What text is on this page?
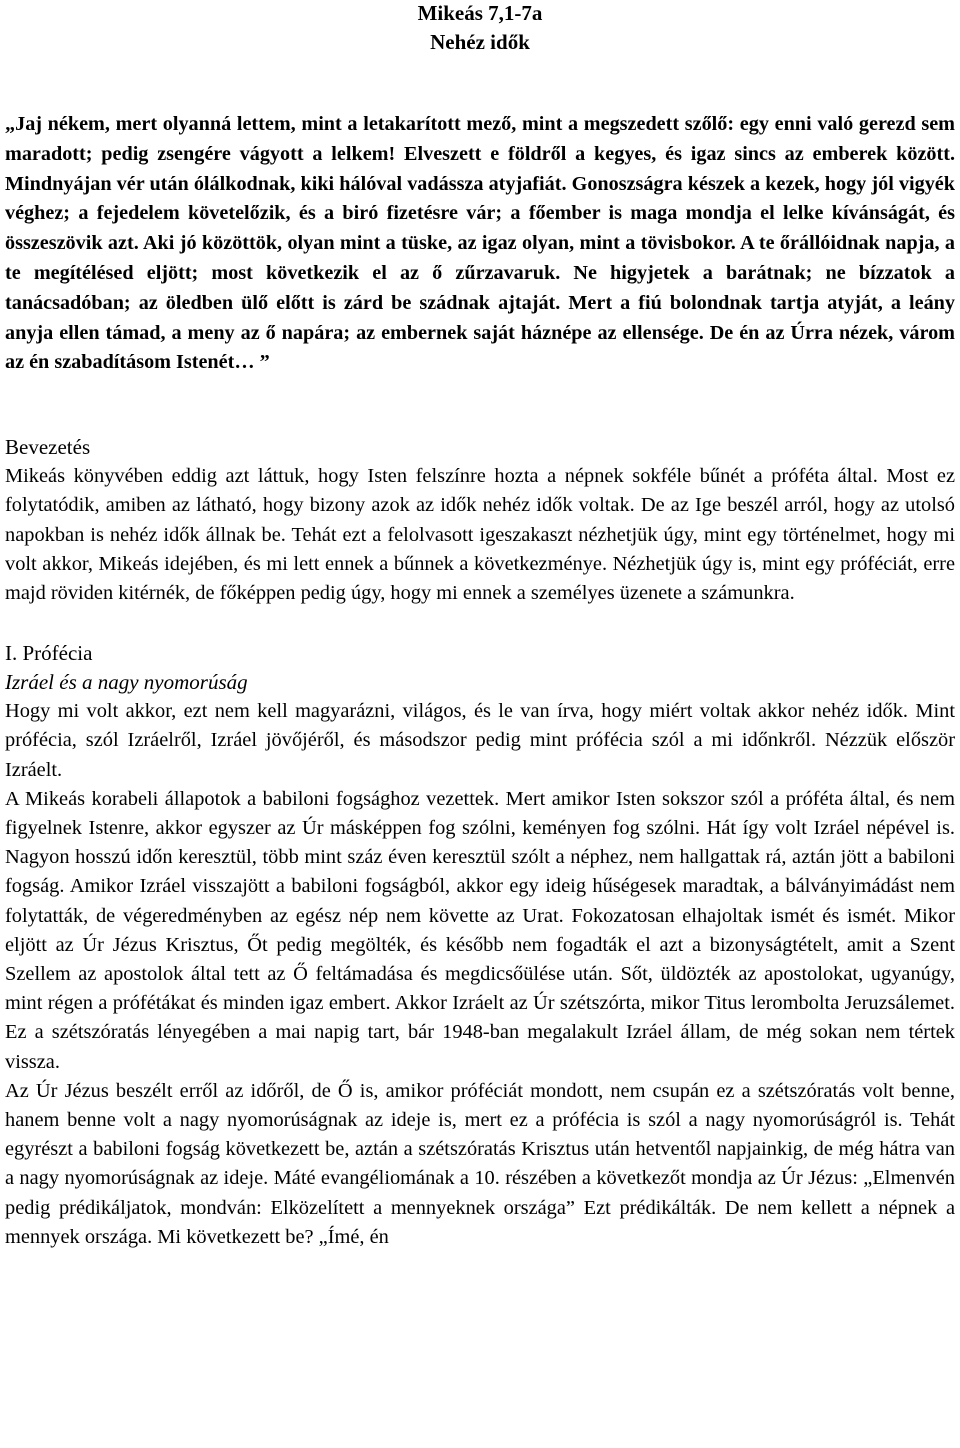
Mikeás 7,1-7a
Nehéz idők

„Jaj nékem, mert olyanná lettem, mint a letakarított mező, mint a megszedett szőlő: egy enni való gerezd sem maradott; pedig zsengére vágyott a lelkem! Elveszett e földről a kegyes, és igaz sincs az emberek között. Mindnyájan vér után ólálkodnak, kiki hálóval vadássza atyjafiát. Gonoszságra készek a kezek, hogy jól vigyék véghez; a fejedelem követelőzik, és a biró fizetésre vár; a főember is maga mondja el lelke kívánságát, és összeszövik azt. Aki jó közöttök, olyan mint a tüske, az igaz olyan, mint a tövisbokor. A te őrállóidnak napja, a te megítélésed eljött; most következik el az ő zűrzavaruk. Ne higyjetek a barátnak; ne bízzatok a tanácsadóban; az öledben ülő előtt is zárd be szádnak ajtaját. Mert a fiú bolondnak tartja atyját, a leány anyja ellen támad, a meny az ő napára; az embernek saját háznépe az ellensége. De én az Úrra nézek, várom az én szabadításom Istenét… ”

Bevezetés

Mikeás könyvében eddig azt láttuk, hogy Isten felszínre hozta a népnek sokféle bűnét a próféta által. Most ez folytatódik, amiben az látható, hogy bizony azok az idők nehéz idők voltak. De az Ige beszél arról, hogy az utolsó napokban is nehéz idők állnak be. Tehát ezt a felolvasott igeszakaszt nézhetjük úgy, mint egy történelmet, hogy mi volt akkor, Mikeás idejében, és mi lett ennek a bűnnek a következménye. Nézhetjük úgy is, mint egy próféciát, erre majd röviden kitérnék, de főképpen pedig úgy, hogy mi ennek a személyes üzenete a számunkra.

I. Prófécia
Izráel és a nagy nyomorúság

Hogy mi volt akkor, ezt nem kell magyarázni, világos, és le van írva, hogy miért voltak akkor nehéz idők. Mint prófécia, szól Izráelről, Izráel jövőjéről, és másodszor pedig mint prófécia szól a mi időnkről. Nézzük először Izráelt.

A Mikeás korabeli állapotok a babiloni fogsághoz vezettek. Mert amikor Isten sokszor szól a próféta által, és nem figyelnek Istenre, akkor egyszer az Úr másképpen fog szólni, keményen fog szólni. Hát így volt Izráel népével is. Nagyon hosszú időn keresztül, több mint száz éven keresztül szólt a néphez, nem hallgattak rá, aztán jött a babiloni fogság. Amikor Izráel visszajött a babiloni fogságból, akkor egy ideig hűségesek maradtak, a bálványimádást nem folytatták, de végeredményben az egész nép nem követte az Urat. Fokozatosan elhajoltak ismét és ismét. Mikor eljött az Úr Jézus Krisztus, Őt pedig megölték, és később nem fogadták el azt a bizonyságtételt, amit a Szent Szellem az apostolok által tett az Ő feltámadása és megdicsőülése után. Sőt, üldözték az apostolokat, ugyanúgy, mint régen a prófétákat és minden igaz embert. Akkor Izráelt az Úr szétszórta, mikor Titus lerombolta Jeruzsálemet. Ez a szétszóratás lényegében a mai napig tart, bár 1948-ban megalakult Izráel állam, de még sokan nem tértek vissza.

Az Úr Jézus beszélt erről az időről, de Ő is, amikor próféciát mondott, nem csupán ez a szétszóratás volt benne, hanem benne volt a nagy nyomorúságnak az ideje is, mert ez a prófécia is szól a nagy nyomorúságról is. Tehát egyrészt a babiloni fogság következett be, aztán a szétszóratás Krisztus után hetventől napjainkig, de még hátra van a nagy nyomorúságnak az ideje. Máté evangéliomának a 10. részében a következőt mondja az Úr Jézus: „Elmenvén pedig prédikáljatok, mondván: Elközelített a mennyeknek országa” Ezt prédikálták. De nem kellett a népnek a mennyek országa. Mi következett be? „Ímé, én
